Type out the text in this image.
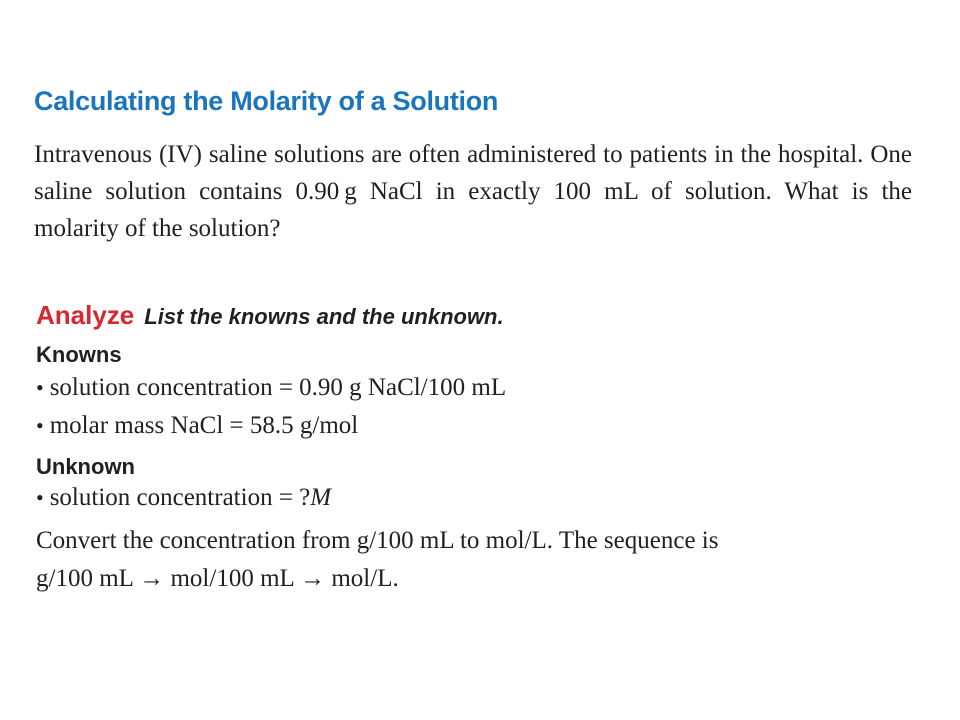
Calculating the Molarity of a Solution

Intravenous (IV) saline solutions are often administered to patients in the hospital. One saline solution contains 0.90 g NaCl in exactly 100 mL of solution. What is the molarity of the solution?

Analyze List the knowns and the unknown.
Knowns
• solution concentration = 0.90 g NaCl/100 mL
• molar mass NaCl = 58.5 g/mol
Unknown
• solution concentration = ?M

Convert the concentration from g/100 mL to mol/L. The sequence is
g/100 mL → mol/100 mL → mol/L.
